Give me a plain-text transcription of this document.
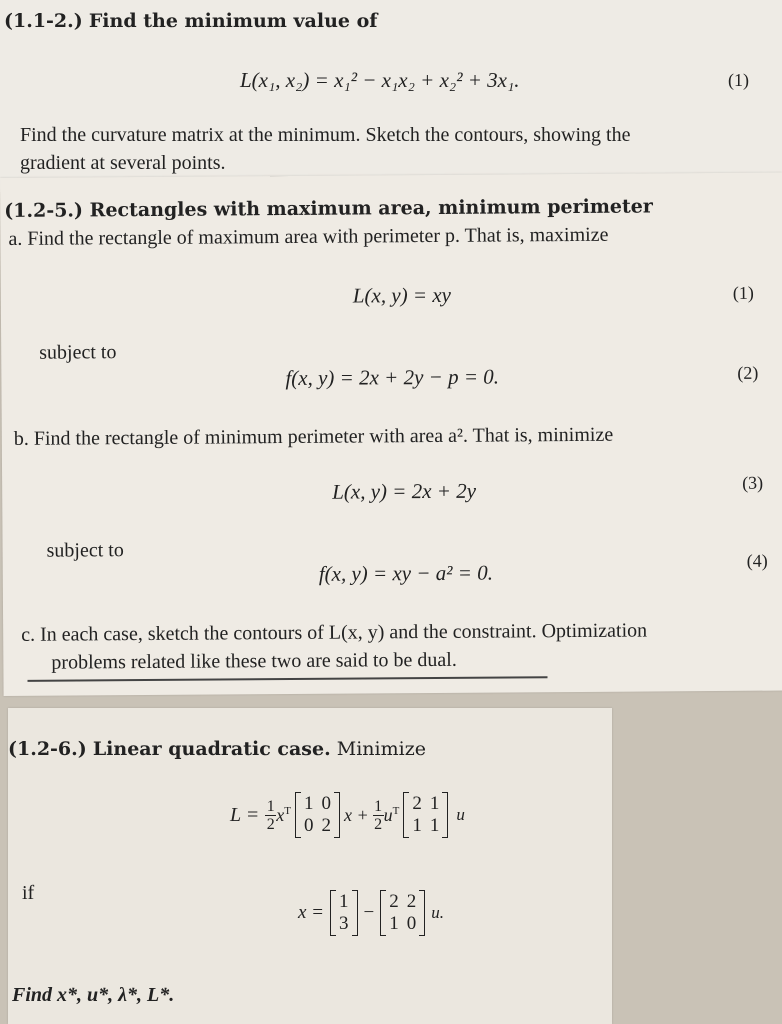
(1.1-2.) Find the minimum value of
L(x₁, x₂) = x₁² − x₁x₂ + x₂² + 3x₁.	(1)
Find the curvature matrix at the minimum. Sketch the contours, showing the
gradient at several points.
(1.2-5.) Rectangles with maximum area, minimum perimeter
a. Find the rectangle of maximum area with perimeter p. That is, maximize
L(x, y) = xy	(1)
subject to
f(x, y) = 2x + 2y − p = 0.	(2)
b. Find the rectangle of minimum perimeter with area a². That is, minimize
L(x, y) = 2x + 2y	(3)
subject to
f(x, y) = xy − a² = 0.	(4)
c. In each case, sketch the contours of L(x, y) and the constraint. Optimization
problems related like these two are said to be dual.
(1.2-6.) Linear quadratic case. Minimize
$L = \frac{1}{2} x^T$ 1 0
0 2
$x + \frac{1}{2} u^T$ 2 1
1 1
u
if
x =
1
3
−
2 2
1 0
u.
Find x*, u*, λ*, L*.
